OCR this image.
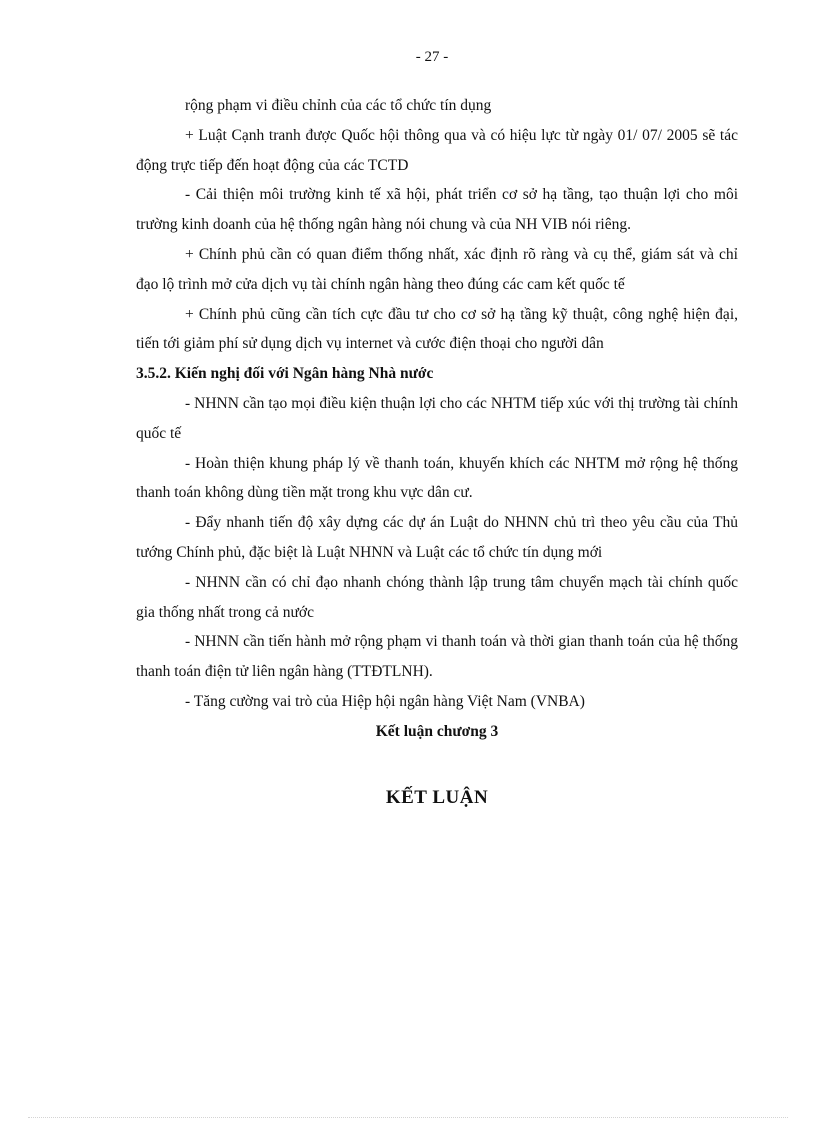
- 27 -

rộng phạm vi điều chỉnh của các tổ chức tín dụng

+ Luật Cạnh tranh được Quốc hội thông qua và có hiệu lực từ ngày 01/ 07/ 2005 sẽ tác động trực tiếp đến hoạt động của các TCTD

- Cải thiện môi trường kinh tế xã hội, phát triển cơ sở hạ tầng, tạo thuận lợi cho môi trường kinh doanh của hệ thống ngân hàng nói chung và của NH VIB nói riêng.

+ Chính phủ cần có quan điểm thống nhất, xác định rõ ràng và cụ thể, giám sát và chỉ đạo lộ trình mở cửa dịch vụ tài chính ngân hàng theo đúng các cam kết quốc tế

+ Chính phủ cũng cần tích cực đầu tư cho cơ sở hạ tầng kỹ thuật, công nghệ hiện đại, tiến tới giảm phí sử dụng dịch vụ internet và cước điện thoại cho người dân

3.5.2. Kiến nghị đối với Ngân hàng Nhà nước

- NHNN cần tạo mọi điều kiện thuận lợi cho các NHTM tiếp xúc với thị trường tài chính quốc tế

- Hoàn thiện khung pháp lý về thanh toán, khuyến khích các NHTM mở rộng hệ thống thanh toán không dùng tiền mặt trong khu vực dân cư.

- Đẩy nhanh tiến độ xây dựng các dự án Luật do NHNN chủ trì theo yêu cầu của Thủ tướng Chính phủ, đặc biệt là Luật NHNN và Luật các tổ chức tín dụng mới

- NHNN cần có chỉ đạo nhanh chóng thành lập trung tâm chuyển mạch tài chính quốc gia thống nhất trong cả nước

- NHNN cần tiến hành mở rộng phạm vi thanh toán và thời gian thanh toán của hệ thống thanh toán điện tử liên ngân hàng (TTĐTLNH).

- Tăng cường vai trò của Hiệp hội ngân hàng Việt Nam (VNBA)

Kết luận chương 3

KẾT LUẬN
